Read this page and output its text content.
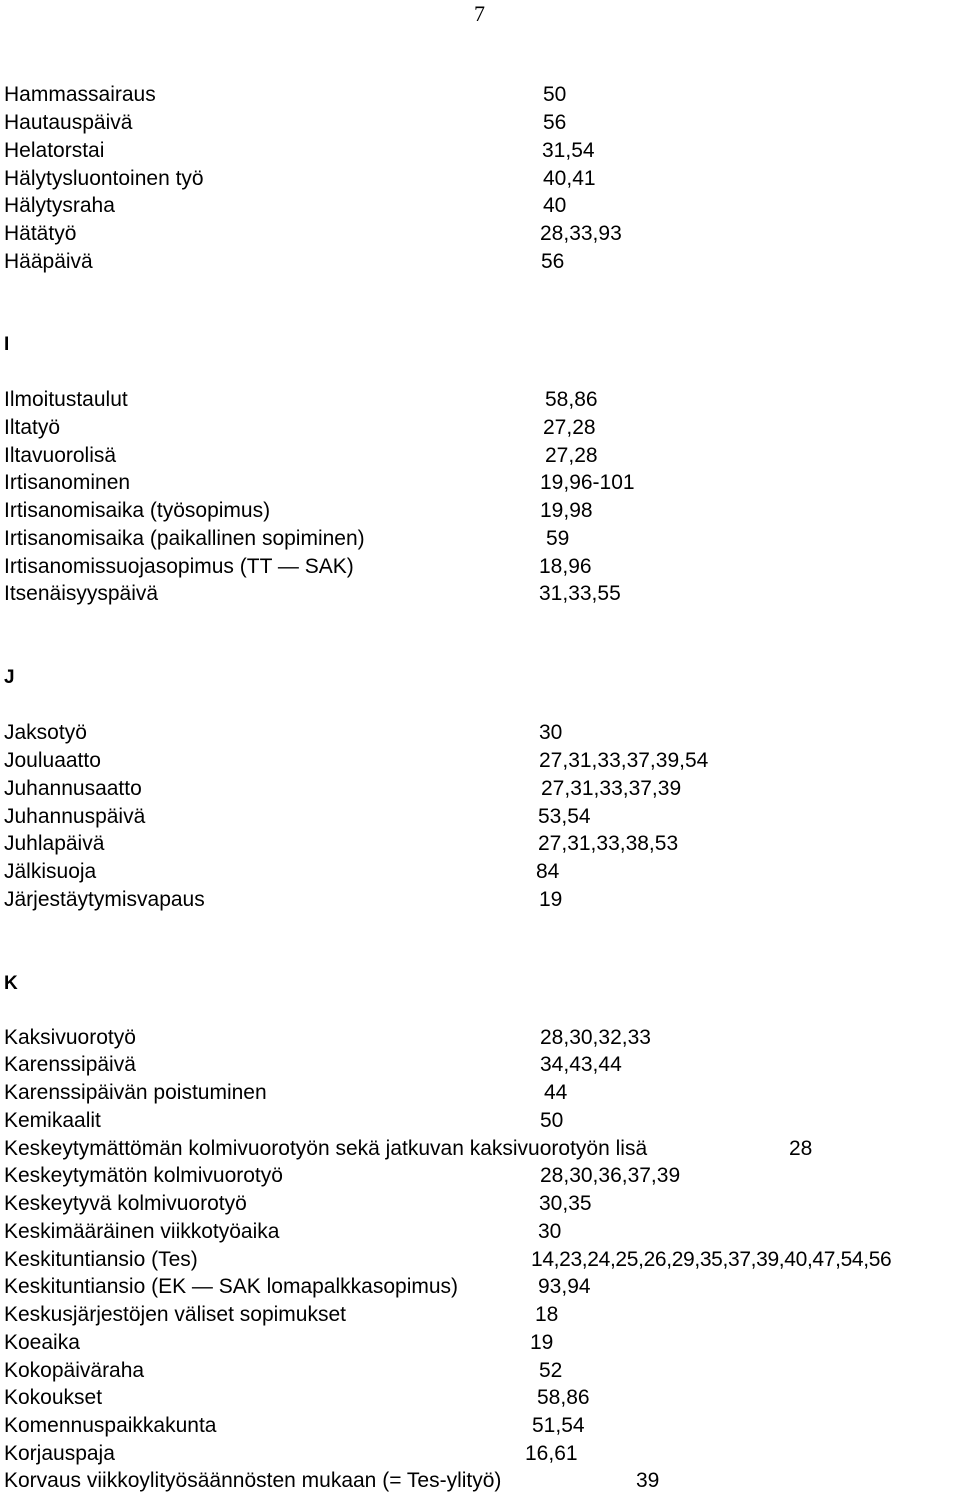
7
Hammassairaus	50
Hautauspäivä	56
Helatorstai	31,54
Hälytysluontoinen työ	40,41
Hälytysraha	40
Hätätyö	28,33,93
Hääpäivä	56
I
Ilmoitustaulut	58,86
Iltatyö	27,28
Iltavuorolisä	27,28
Irtisanominen	19,96-101
Irtisanomisaika (työsopimus)	19,98
Irtisanomisaika (paikallinen sopiminen)	59
Irtisanomissuojasopimus (TT — SAK)	18,96
Itsenäisyyspäivä	31,33,55
J
Jaksotyö	30
Jouluaatto	27,31,33,37,39,54
Juhannusaatto	27,31,33,37,39
Juhannuspäivä	53,54
Juhlapäivä	27,31,33,38,53
Jälkisuoja	84
Järjestäytymisvapaus	19
K
Kaksivuorotyö	28,30,32,33
Karenssipäivä	34,43,44
Karenssipäivän poistuminen	44
Kemikaalit	50
Keskeytymättömän kolmivuorotyön sekä jatkuvan kaksivuorotyön lisä	28
Keskeytymätön kolmivuorotyö	28,30,36,37,39
Keskeytyvä kolmivuorotyö	30,35
Keskimääräinen viikkotyöaika	30
Keskituntiansio (Tes)	14,23,24,25,26,29,35,37,39,40,47,54,56
Keskituntiansio (EK — SAK lomapalkkasopimus)	93,94
Keskusjärjestöjen väliset sopimukset	18
Koeaika	19
Kokopäiväraha	52
Kokoukset	58,86
Komennuspaikkakunta	51,54
Korjauspaja	16,61
Korvaus viikkoylityösäännösten mukaan (= Tes-ylityö)	39
